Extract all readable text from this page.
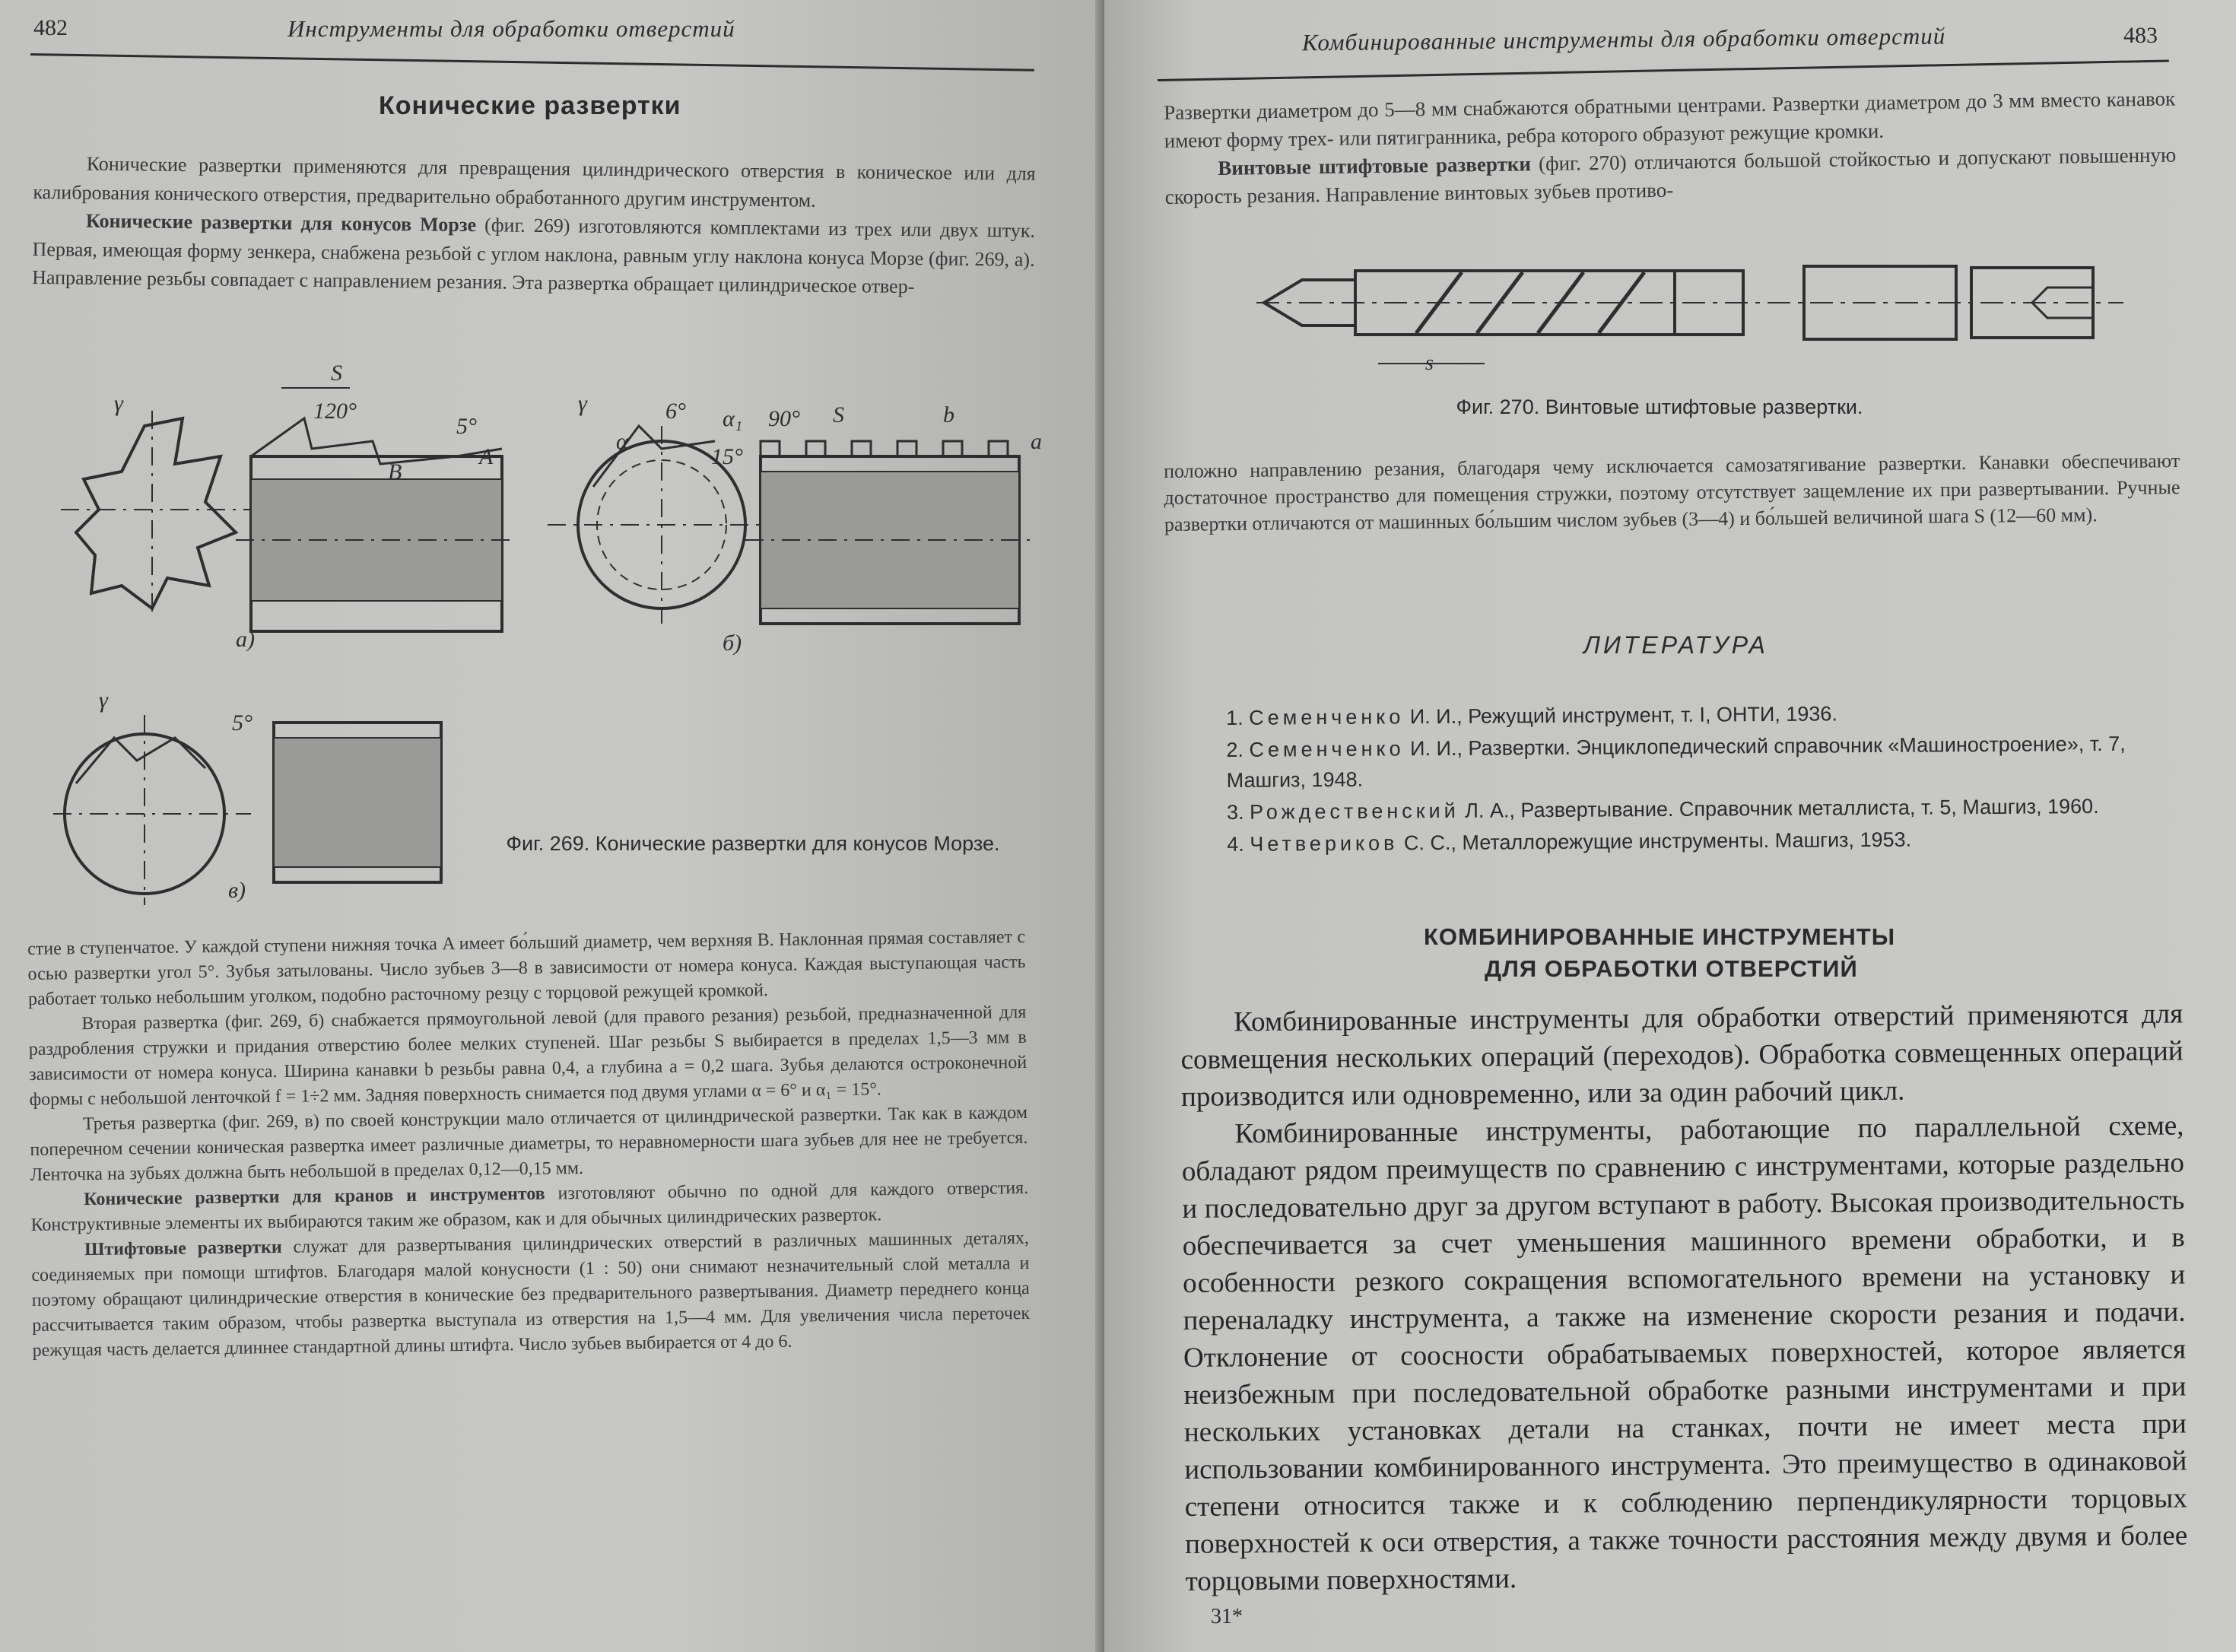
482	Инструменты для обработки отверстий
Конические развертки

Конические развертки применяются для превращения цилиндрического отверстия в коническое или для калибрования конического отверстия, предварительно обработанного другим инструментом.

Конические развертки для конусов Морзе (фиг. 269) изготовляются комплектами из трех или двух штук. Первая, имеющая форму зенкера, снабжена резьбой с углом наклона, равным углу наклона конуса Морзе (фиг. 269, а). Направление резьбы совпадает с направлением резания. Эта развертка обращает цилиндрическое отвер-

γ
S
120°
5°
A
B
γ	6°
15°
α
α₁ 90° S	b
a
а)	б)
γ
5°
в)
Фиг. 269. Конические развертки для конусов Морзе.

стие в ступенчатое. У каждой ступени нижняя точка A имеет бо́льший диаметр, чем верхняя B. Наклонная прямая составляет с осью развертки угол 5°. Зубья затылованы. Число зубьев 3—8 в зависимости от номера конуса. Каждая выступающая часть работает только небольшим уголком, подобно расточному резцу с торцовой режущей кромкой.

Вторая развертка (фиг. 269, б) снабжается прямоугольной левой (для правого резания) резьбой, предназначенной для раздробления стружки и придания отверстию более мелких ступеней. Шаг резьбы S выбирается в пределах 1,5—3 мм в зависимости от номера конуса. Ширина канавки b резьбы равна 0,4, а глубина a = 0,2 шага. Зубья делаются остроконечной формы с небольшой ленточкой f = 1÷2 мм. Задняя поверхность снимается под двумя углами α = 6° и α₁ = 15°.

Третья развертка (фиг. 269, в) по своей конструкции мало отличается от цилиндрической развертки. Так как в каждом поперечном сечении коническая развертка имеет различные диаметры, то неравномерности шага зубьев для нее не требуется. Ленточка на зубьях должна быть небольшой в пределах 0,12—0,15 мм.

Конические развертки для кранов и инструментов изготовляют обычно по одной для каждого отверстия. Конструктивные элементы их выбираются таким же образом, как и для обычных цилиндрических разверток.

Штифтовые развертки служат для развертывания цилиндрических отверстий в различных машинных деталях, соединяемых при помощи штифтов. Благодаря малой конусности (1 : 50) они снимают незначительный слой металла и поэтому обращают цилиндрические отверстия в конические без предварительного развертывания. Диаметр переднего конца рассчитывается таким образом, чтобы развертка выступала из отверстия на 1,5—4 мм. Для увеличения числа переточек режущая часть делается длиннее стандартной длины штифта. Число зубьев выбирается от 4 до 6.

Комбинированные инструменты для обработки отверстий	483

Развертки диаметром до 5—8 мм снабжаются обратными центрами. Развертки диаметром до 3 мм вместо канавок имеют форму трех- или пятигранника, ребра которого образуют режущие кромки.

Винтовые штифтовые развертки (фиг. 270) отличаются большой стойкостью и допускают повышенную скорость резания. Направление винтовых зубьев противо-

s
Фиг. 270. Винтовые штифтовые развертки.

положно направлению резания, благодаря чему исключается самозатягивание развертки. Канавки обеспечивают достаточное пространство для помещения стружки, поэтому отсутствует защемление их при развертывании. Ручные развертки отличаются от машинных бо́льшим числом зубьев (3—4) и бо́льшей величиной шага S (12—60 мм).

ЛИТЕРАТУРА
1. Семенченко И. И., Режущий инструмент, т. I, ОНТИ, 1936.
2. Семенченко И. И., Развертки. Энциклопедический справочник «Машиностроение», т. 7, Машгиз, 1948.
3. Рождественский Л. А., Развертывание. Справочник металлиста, т. 5, Машгиз, 1960.
4. Четвериков С. С., Металлорежущие инструменты. Машгиз, 1953.
КОМБИНИРОВАННЫЕ ИНСТРУМЕНТЫ
ДЛЯ ОБРАБОТКИ ОТВЕРСТИЙ

Комбинированные инструменты для обработки отверстий применяются для совмещения нескольких операций (переходов). Обработка совмещенных операций производится или одновременно, или за один рабочий цикл.

Комбинированные инструменты, работающие по параллельной схеме, обладают рядом преимуществ по сравнению с инструментами, которые раздельно и последовательно друг за другом вступают в работу. Высокая производительность обеспечивается за счет уменьшения машинного времени обработки, и в особенности резкого сокращения вспомогательного времени на установку и переналадку инструмента, а также на изменение скорости резания и подачи. Отклонение от соосности обрабатываемых поверхностей, которое является неизбежным при последовательной обработке разными инструментами и при нескольких установках детали на станках, почти не имеет места при использовании комбинированного инструмента. Это преимущество в одинаковой степени относится также и к соблюдению перпендикулярности торцовых поверхностей к оси отверстия, а также точности расстояния между двумя и более торцовыми поверхностями.

31*
